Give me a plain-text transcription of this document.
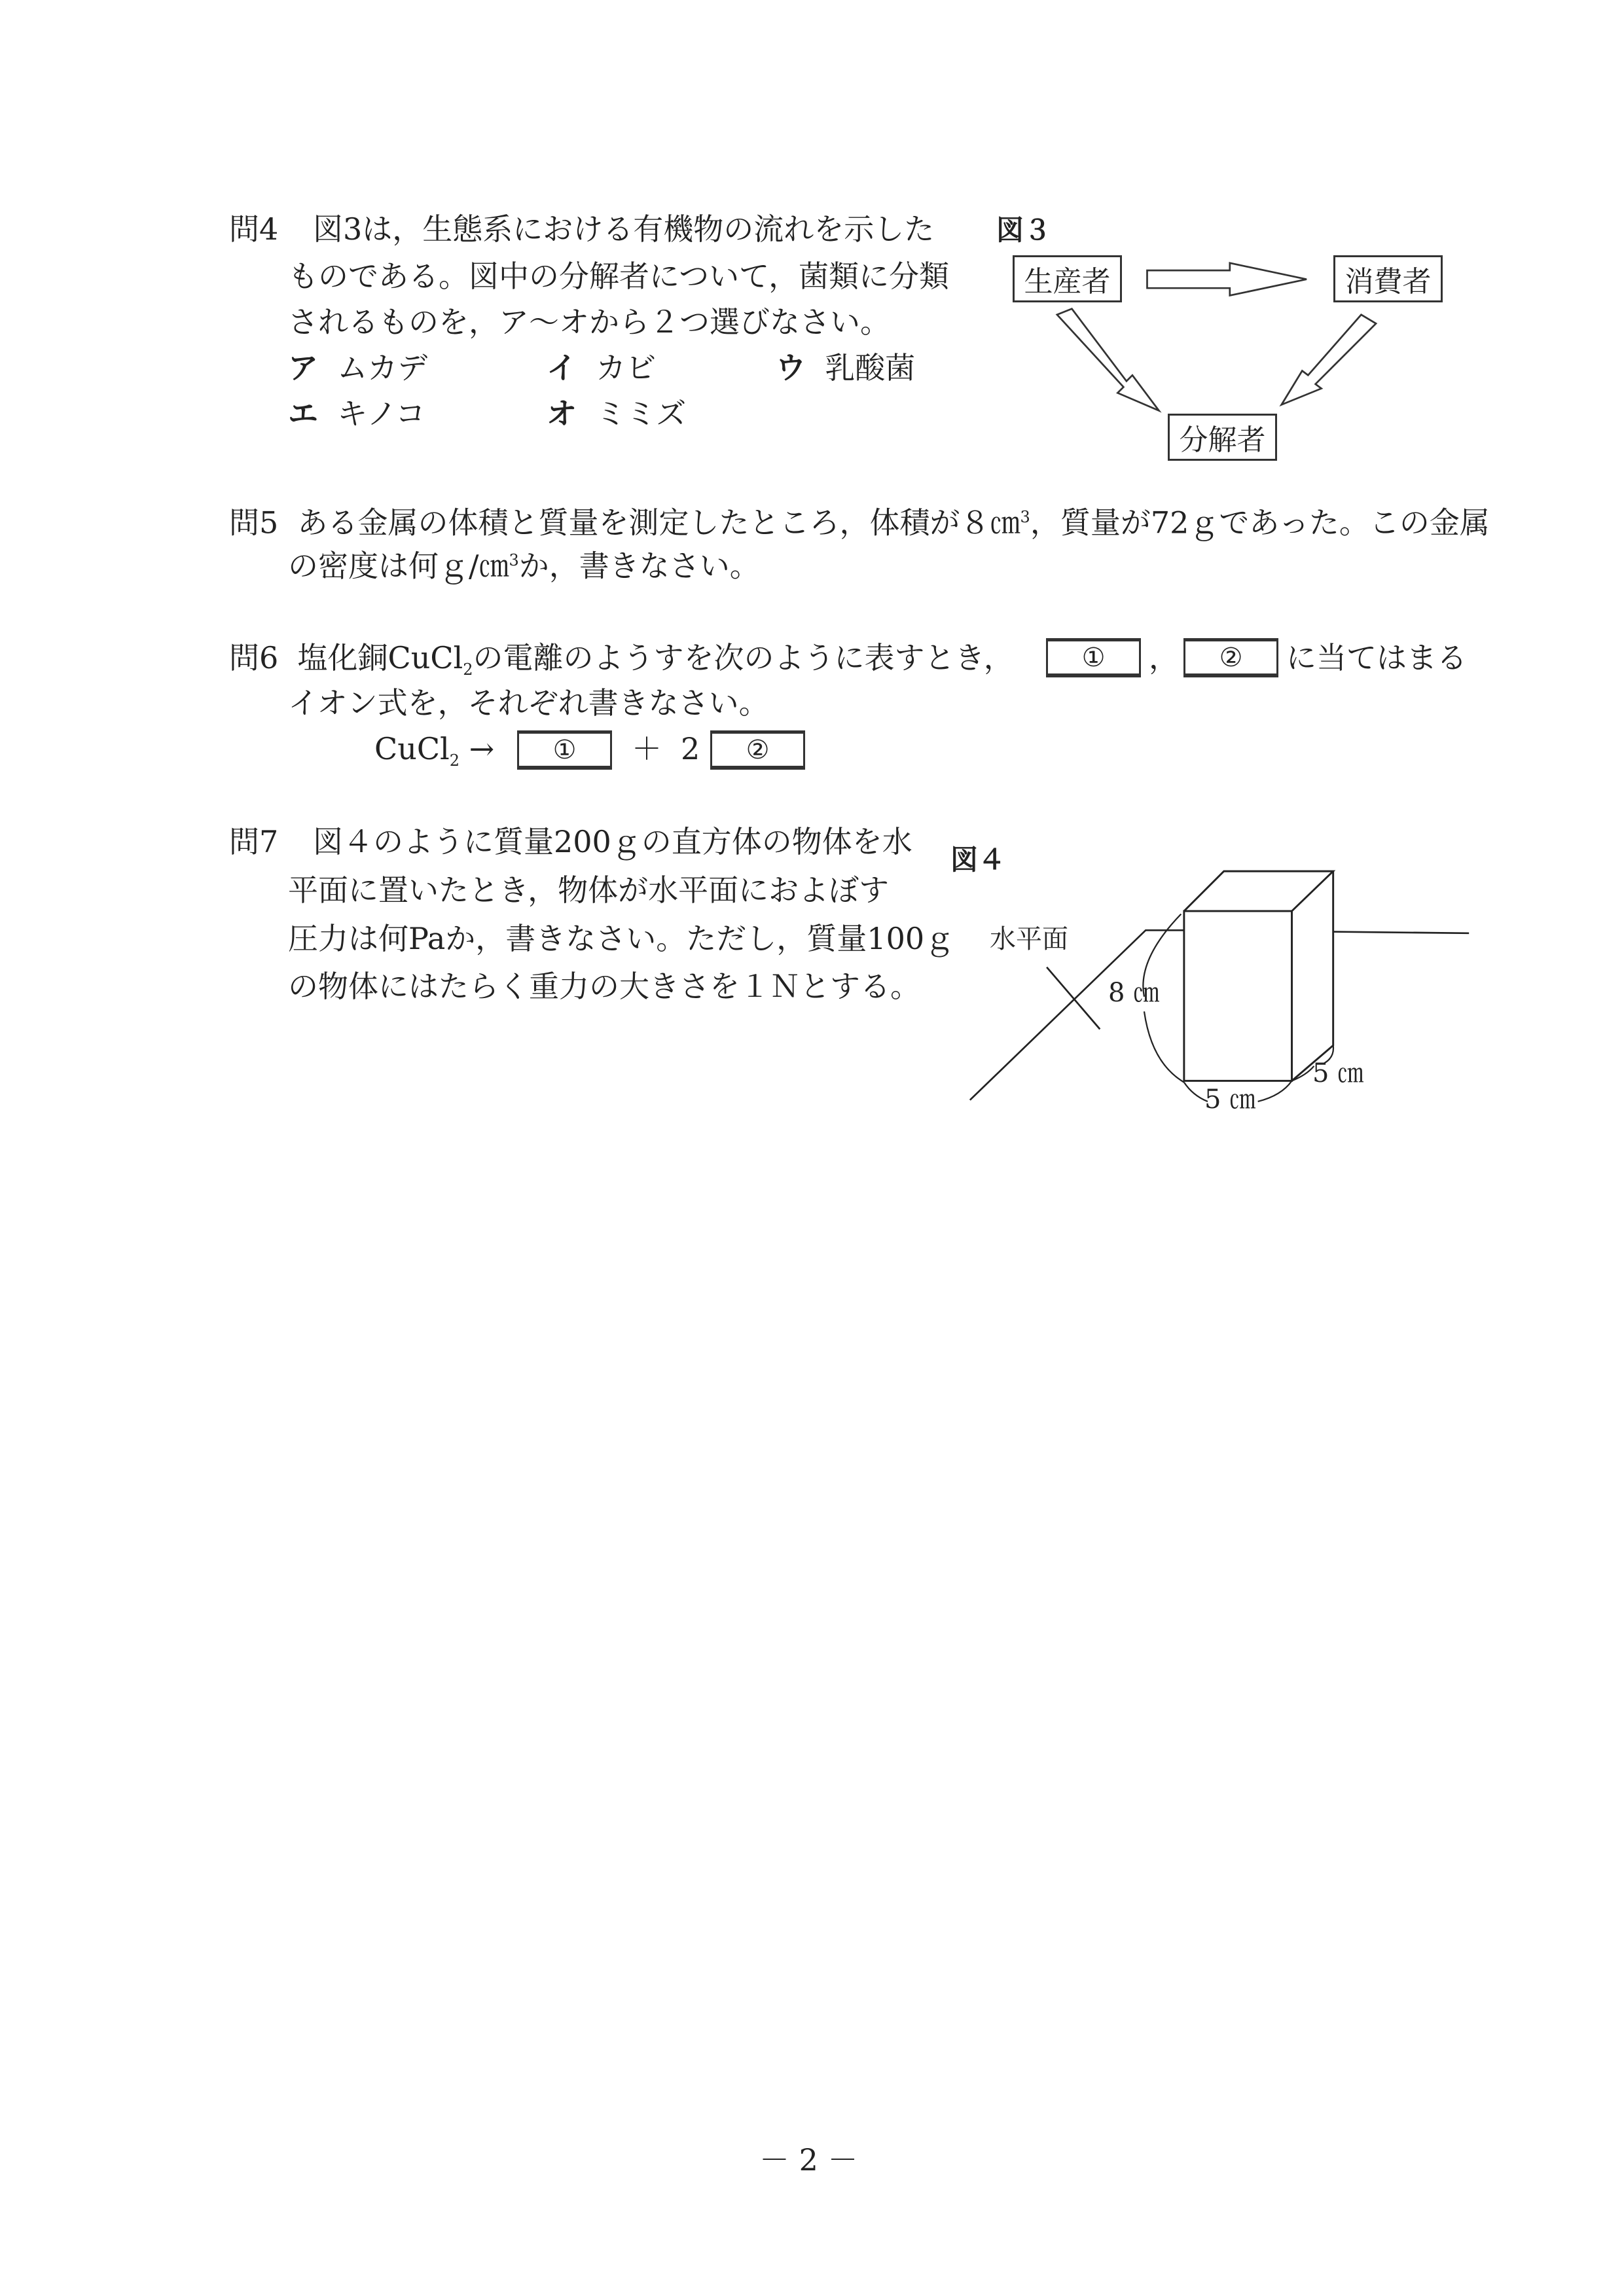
問4 図3は，生態系における有機物の流れを示した
ものである。図中の分解者について，菌類に分類
されるものを，ア～オから２つ選びなさい。
ア ムカデ	イ カビ	ウ 乳酸菌
エ キノコ	オ ミミズ
図３
生産者	消費者
分解者
問5 ある金属の体積と質量を測定したところ，体積が８㎝$^3$，質量が72ｇであった。この金属
の密度は何ｇ/㎝$^3$か，書きなさい。
問6 塩化銅CuCl$_2$の電離のようすを次のように表すとき，	①	，	②	に当てはまる
イオン式を，それぞれ書きなさい。
CuCl$_2$ →	①	＋ 2	②
問7 図４のように質量200ｇの直方体の物体を水
平面に置いたとき，物体が水平面におよぼす
圧力は何Paか，書きなさい。ただし，質量100ｇ
の物体にはたらく重力の大きさを１Ｎとする。
図４
水平面
8 ㎝
5 ㎝
5 ㎝
－ 2 －
